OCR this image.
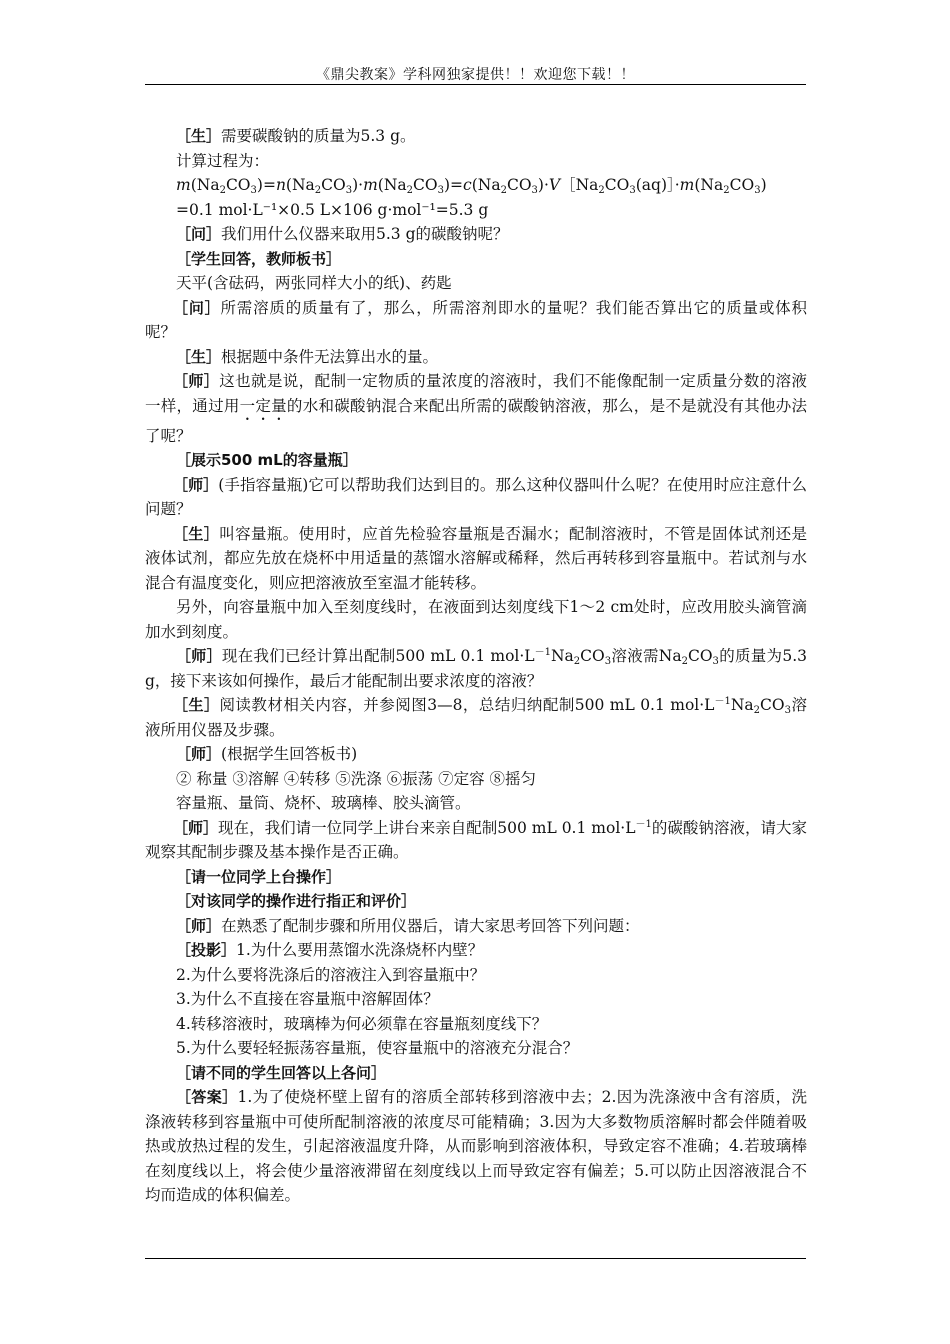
《鼎尖教案》学科网独家提供！！欢迎您下载！！

［生］需要碳酸钠的质量为5.3 g。

计算过程为：

$m(Na_2CO_3)=n(Na_2CO_3)\cdot m(Na_2CO_3)=c(Na_2CO_3)\cdot V[Na_2CO_3(aq)]\cdot m(Na_2CO_3)$

=0.1 mol·L⁻¹×0.5 L×106 g·mol⁻¹=5.3 g

［问］我们用什么仪器来取用5.3 g的碳酸钠呢？

［学生回答，教师板书］

天平(含砝码，两张同样大小的纸)、药匙

［问］所需溶质的质量有了，那么，所需溶剂即水的量呢？我们能否算出它的质量或体积呢？

［生］根据题中条件无法算出水的量。

［师］这也就是说，配制一定物质的量浓度的溶液时，我们不能像配制一定质量分数的溶液一样，通过用一定量的水和碳酸钠混合来配出所需的碳酸钠溶液，那么，是不是就没有其他办法了呢？

［展示500 mL的容量瓶］

［师］(手指容量瓶)它可以帮助我们达到目的。那么这种仪器叫什么呢？在使用时应注意什么问题？

［生］叫容量瓶。使用时，应首先检验容量瓶是否漏水；配制溶液时，不管是固体试剂还是液体试剂，都应先放在烧杯中用适量的蒸馏水溶解或稀释，然后再转移到容量瓶中。若试剂与水混合有温度变化，则应把溶液放至室温才能转移。

另外，向容量瓶中加入至刻度线时，在液面到达刻度线下1～2 cm处时，应改用胶头滴管滴加水到刻度。

［师］现在我们已经计算出配制500 mL 0.1 $mol\cdot L^{-1}Na_2CO_3$溶液需$Na_2CO_3$的质量为5.3 g，接下来该如何操作，最后才能配制出要求浓度的溶液？

［生］阅读教材相关内容，并参阅图3—8，总结归纳配制500 mL 0.1 $mol\cdot L^{-1}Na_2CO_3$溶液所用仪器及步骤。

［师］(根据学生回答板书)

② 称量 ③溶解 ④转移 ⑤洗涤 ⑥振荡 ⑦定容 ⑧摇匀

容量瓶、量筒、烧杯、玻璃棒、胶头滴管。

［师］现在，我们请一位同学上讲台来亲自配制500 mL 0.1 $mol\cdot L^{-1}$的碳酸钠溶液，请大家观察其配制步骤及基本操作是否正确。

［请一位同学上台操作］

［对该同学的操作进行指正和评价］

［师］在熟悉了配制步骤和所用仪器后，请大家思考回答下列问题：

［投影］1.为什么要用蒸馏水洗涤烧杯内壁？

2.为什么要将洗涤后的溶液注入到容量瓶中？

3.为什么不直接在容量瓶中溶解固体？

4.转移溶液时，玻璃棒为何必须靠在容量瓶刻度线下？

5.为什么要轻轻振荡容量瓶，使容量瓶中的溶液充分混合？

［请不同的学生回答以上各问］

［答案］1.为了使烧杯壁上留有的溶质全部转移到溶液中去；2.因为洗涤液中含有溶质，洗涤液转移到容量瓶中可使所配制溶液的浓度尽可能精确；3.因为大多数物质溶解时都会伴随着吸热或放热过程的发生，引起溶液温度升降，从而影响到溶液体积，导致定容不准确；4.若玻璃棒在刻度线以上，将会使少量溶液滞留在刻度线以上而导致定容有偏差；5.可以防止因溶液混合不均而造成的体积偏差。
